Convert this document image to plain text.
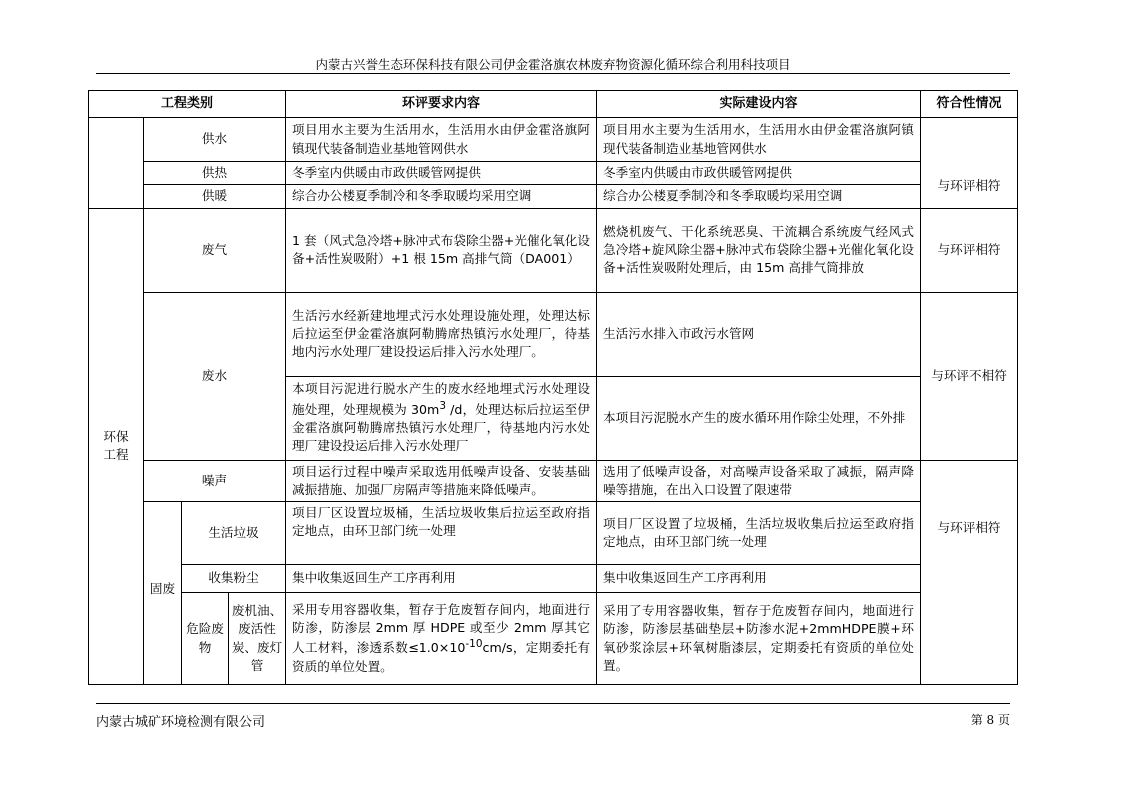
内蒙古兴誉生态环保科技有限公司伊金霍洛旗农林废弃物资源化循环综合利用科技项目
工程类别				环评要求内容	实际建设内容	符合性情况
	供水			项目用水主要为生活用水，生活用水由伊金霍洛旗阿镇现代装备制造业基地管网供水	项目用水主要为生活用水，生活用水由伊金霍洛旗阿镇现代装备制造业基地管网供水	与环评相符
	供热			冬季室内供暖由市政供暖管网提供	冬季室内供暖由市政供暖管网提供	
	供暖			综合办公楼夏季制冷和冬季取暖均采用空调	综合办公楼夏季制冷和冬季取暖均采用空调	
环保工程	废气			1 套（风式急冷塔+脉冲式布袋除尘器+光催化氧化设备+活性炭吸附）+1 根 15m 高排气筒（DA001）	燃烧机废气、干化系统恶臭、干流耦合系统废气经风式急冷塔+旋风除尘器+脉冲式布袋除尘器+光催化氧化设备+活性炭吸附处理后，由 15m 高排气筒排放	与环评相符
	废水			生活污水经新建地埋式污水处理设施处理，处理达标后拉运至伊金霍洛旗阿勒腾席热镇污水处理厂，待基地内污水处理厂建设投运后排入污水处理厂。	生活污水排入市政污水管网	与环评不相符
				本项目污泥进行脱水产生的废水经地埋式污水处理设施处理，处理规模为 $30m^3$ /d，处理达标后拉运至伊金霍洛旗阿勒腾席热镇污水处理厂，待基地内污水处理厂建设投运后排入污水处理厂	本项目污泥脱水产生的废水循环用作除尘处理，不外排	
	噪声			项目运行过程中噪声采取选用低噪声设备、安装基础减振措施、加强厂房隔声等措施来降低噪声。	选用了低噪声设备，对高噪声设备采取了减振，隔声降噪等措施，在出入口设置了限速带	与环评相符
	固废	生活垃圾		项目厂区设置垃圾桶，生活垃圾收集后拉运至政府指定地点，由环卫部门统一处理	项目厂区设置了垃圾桶，生活垃圾收集后拉运至政府指定地点，由环卫部门统一处理	
		收集粉尘		集中收集返回生产工序再利用	集中收集返回生产工序再利用	
		危险废物	废机油、废活性炭、废灯管	采用专用容器收集，暂存于危废暂存间内，地面进行防渗，防渗层 2mm 厚 HDPE 或至少 2mm 厚其它人工材料，渗透系数$\le 1.0\times 10^{-10}cm/s$，定期委托有资质的单位处置。	采用了专用容器收集，暂存于危废暂存间内，地面进行防渗，防渗层基础垫层+防渗水泥+2mmHDPE膜+环氧砂浆涂层+环氧树脂漆层，定期委托有资质的单位处置。	
内蒙古城矿环境检测有限公司	第 8 页
